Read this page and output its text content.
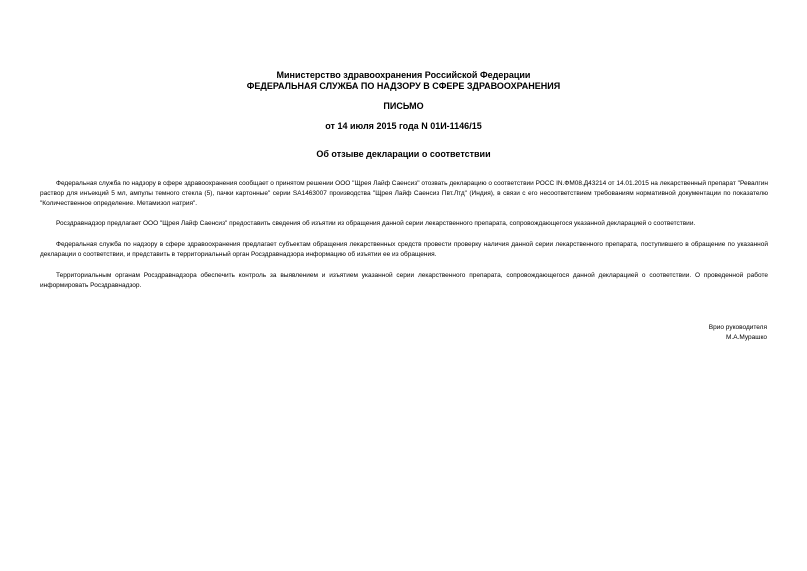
Министерство здравоохранения Российской Федерации
ФЕДЕРАЛЬНАЯ СЛУЖБА ПО НАДЗОРУ В СФЕРЕ ЗДРАВООХРАНЕНИЯ
ПИСЬМО
от 14 июля 2015 года N 01И-1146/15
Об отзыве декларации о соответствии

Федеральная служба по надзору в сфере здравоохранения сообщает о принятом решении ООО "Щрея Лайф Саенсиз" отозвать декларацию о соответствии РОСС IN.ФМ08.Д43214 от 14.01.2015 на лекарственный препарат "Ревалгин раствор для инъекций 5 мл, ампулы темного стекла (5), пачки картонные" серии SA1463007 производства "Щрея Лайф Саенсиз Пвт.Лтд" (Индия), в связи с его несоответствием требованиям нормативной документации по показателю "Количественное определение. Метамизол натрия".

Росздравнадзор предлагает ООО "Щрея Лайф Саенсиз" предоставить сведения об изъятии из обращения данной серии лекарственного препарата, сопровождающегося указанной декларацией о соответствии.

Федеральная служба по надзору в сфере здравоохранения предлагает субъектам обращения лекарственных средств провести проверку наличия данной серии лекарственного препарата, поступившего в обращение по указанной декларации о соответствии, и представить в территориальный орган Росздравнадзора информацию об изъятии ее из обращения.

Территориальным органам Росздравнадзора обеспечить контроль за выявлением и изъятием указанной серии лекарственного препарата, сопровождающегося данной декларацией о соответствии. О проведенной работе информировать Росздравнадзор.

Врио руководителя
М.А.Мурашко
